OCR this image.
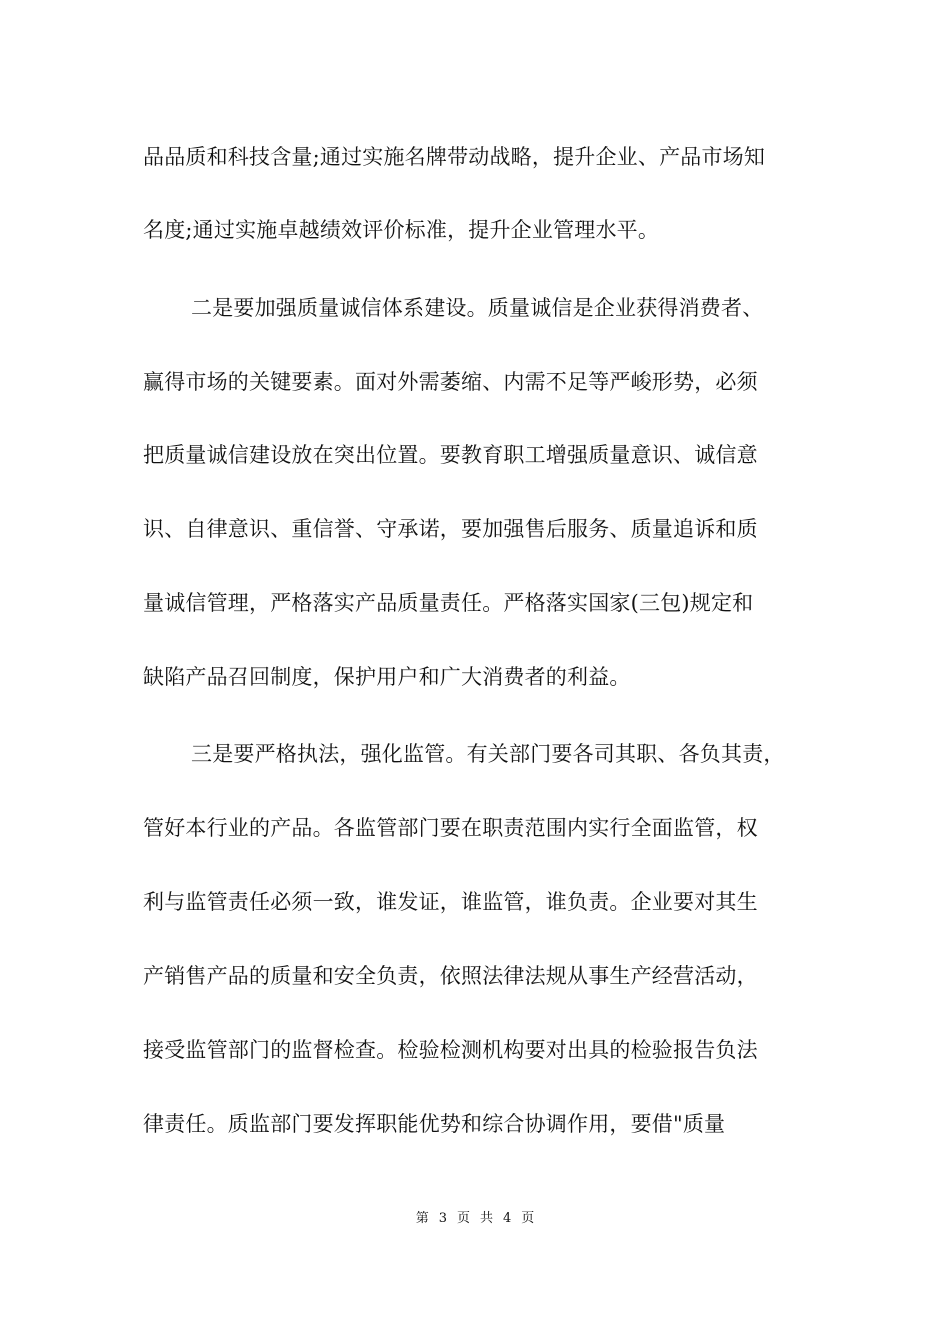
品品质和科技含量;通过实施名牌带动战略，提升企业、产品市场知
名度;通过实施卓越绩效评价标准，提升企业管理水平。
二是要加强质量诚信体系建设。质量诚信是企业获得消费者、
赢得市场的关键要素。面对外需萎缩、内需不足等严峻形势，必须
把质量诚信建设放在突出位置。要教育职工增强质量意识、诚信意
识、自律意识、重信誉、守承诺，要加强售后服务、质量追诉和质
量诚信管理，严格落实产品质量责任。严格落实国家(三包)规定和
缺陷产品召回制度，保护用户和广大消费者的利益。
三是要严格执法，强化监管。有关部门要各司其职、各负其责，
管好本行业的产品。各监管部门要在职责范围内实行全面监管，权
利与监管责任必须一致，谁发证，谁监管，谁负责。企业要对其生
产销售产品的质量和安全负责，依照法律法规从事生产经营活动，
接受监管部门的监督检查。检验检测机构要对出具的检验报告负法
律责任。质监部门要发挥职能优势和综合协调作用，要借"质量
第 3 页 共 4 页
